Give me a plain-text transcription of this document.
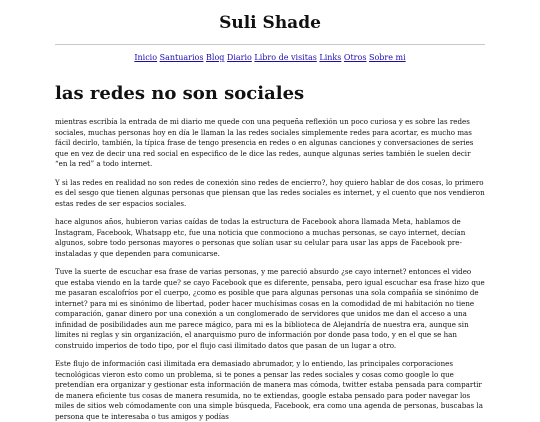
Suli Shade
Inicio Santuarios Blog Diario Libro de visitas Links Otros Sobre mi
las redes no son sociales

mientras escribía la entrada de mi diario me quede con una pequeña reflexión un poco curiosa y es sobre las redes sociales, muchas personas hoy en día le llaman la las redes sociales simplemente redes para acortar, es mucho mas fácil decirlo, también, la típica frase de tengo presencia en redes o en algunas canciones y conversaciones de series que en vez de decir una red social en especifico de le dice las redes, aunque algunas series también le suelen decir “en la red” a todo internet.

Y si las redes en realidad no son redes de conexión sino redes de encierro?, hoy quiero hablar de dos cosas, lo primero es del sesgo que tienen algunas personas que piensan que las redes sociales es internet, y el cuento que nos vendieron estas redes de ser espacios sociales.

hace algunos años, hubieron varias caídas de todas la estructura de Facebook ahora llamada Meta, hablamos de Instagram, Facebook, Whatsapp etc, fue una noticia que conmociono a muchas personas, se cayo internet, decían algunos, sobre todo personas mayores o personas que solían usar su celular para usar las apps de Facebook pre-instaladas y que dependen para comunicarse.

Tuve la suerte de escuchar esa frase de varias personas, y me pareció absurdo ¿se cayo internet? entonces el video que estaba viendo en la tarde que? se cayo Facebook que es diferente, pensaba, pero igual escuchar esa frase hizo que me pasaran escalofríos por el cuerpo, ¿como es posible que para algunas personas una sola compañía se sinónimo de internet? para mi es sinónimo de libertad, poder hacer muchísimas cosas en la comodidad de mi habitación no tiene comparación, ganar dinero por una conexión a un conglomerado de servidores que unidos me dan el acceso a una infinidad de posibilidades aun me parece mágico, para mi es la biblioteca de Alejandría de nuestra era, aunque sin limites ni reglas y sin organización, el anarquismo puro de información por donde pasa todo, y en el que se han construido imperios de todo tipo, por el flujo casi ilimitado datos que pasan de un lugar a otro.

Este flujo de información casi ilimitada era demasiado abrumador, y lo entiendo, las principales corporaciones tecnológicas vieron esto como un problema, si te pones a pensar las redes sociales y cosas como google lo que pretendían era organizar y gestionar esta información de manera mas cómoda, twitter estaba pensada para compartir de manera eficiente tus cosas de manera resumida, no te extiendas, google estaba pensado para poder navegar los miles de sitios web cómodamente con una simple búsqueda, Facebook, era como una agenda de personas, buscabas la persona que te interesaba o tus amigos y podías
